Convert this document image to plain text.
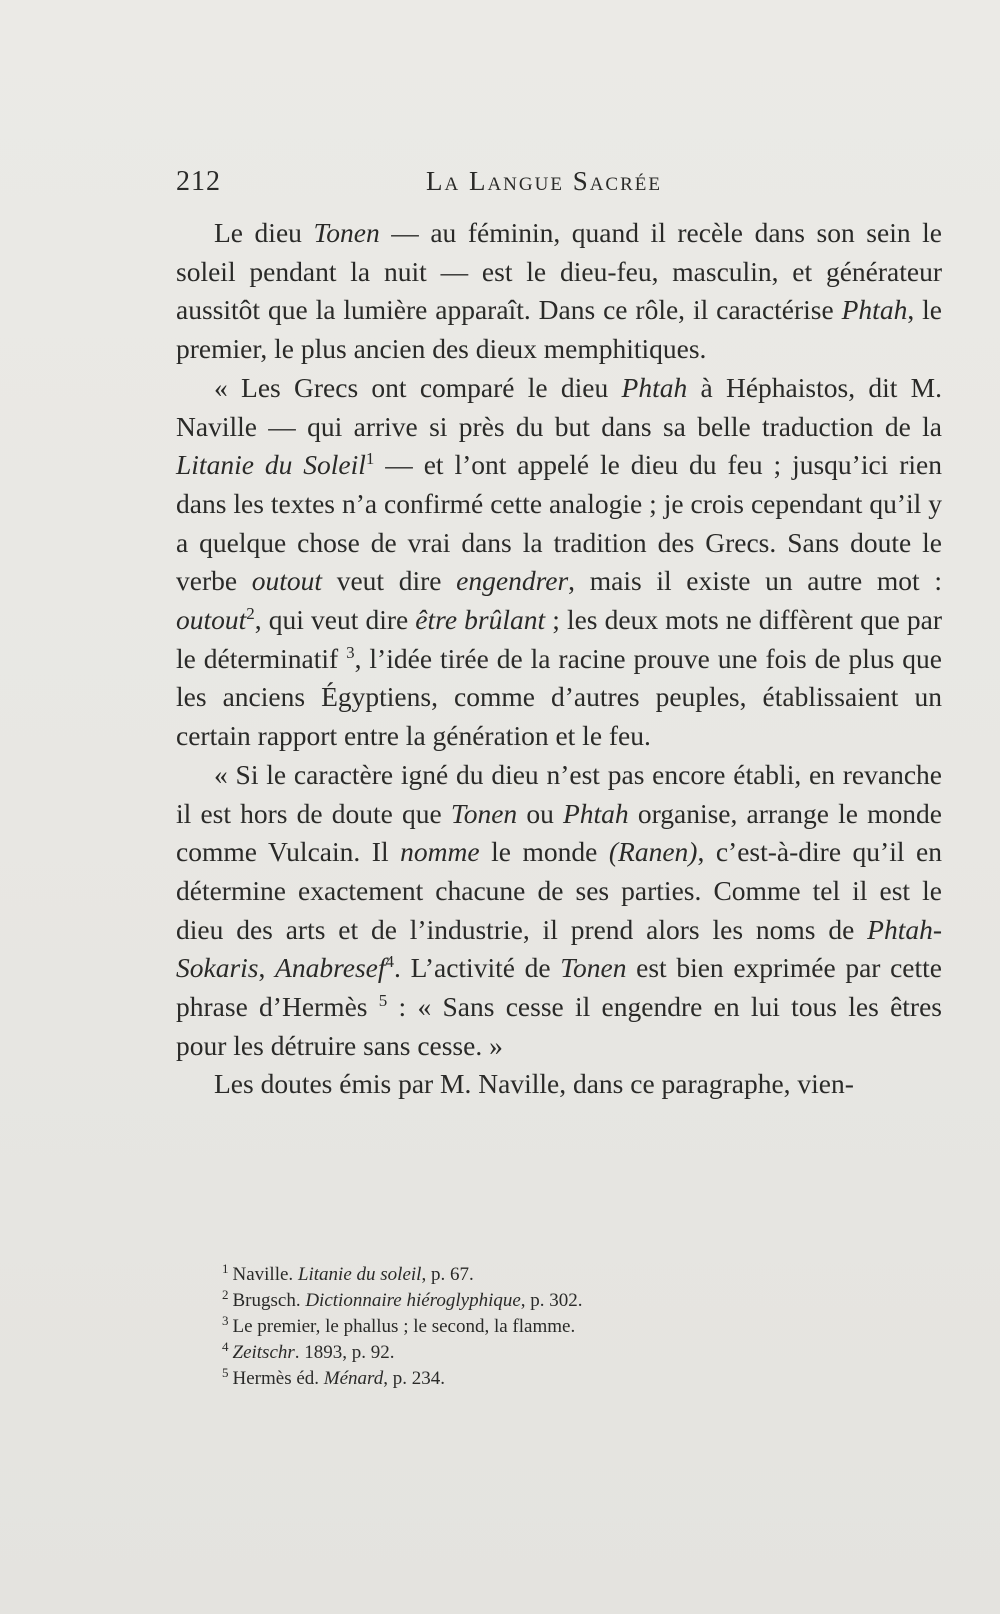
212	La Langue Sacrée

Le dieu Tonen — au féminin, quand il recèle dans son sein le soleil pendant la nuit — est le dieu-feu, masculin, et générateur aussitôt que la lumière apparaît. Dans ce rôle, il caractérise Phtah, le premier, le plus ancien des dieux memphitiques.

« Les Grecs ont comparé le dieu Phtah à Héphaistos, dit M. Naville — qui arrive si près du but dans sa belle traduction de la Litanie du Soleil$^1$ — et l’ont appelé le dieu du feu ; jusqu’ici rien dans les textes n’a confirmé cette analogie ; je crois cependant qu’il y a quelque chose de vrai dans la tradition des Grecs. Sans doute le verbe outout veut dire engendrer, mais il existe un autre mot : outout$^2$, qui veut dire être brûlant ; les deux mots ne diffèrent que par le déterminatif $^3$, l’idée tirée de la racine prouve une fois de plus que les anciens Égyptiens, comme d’autres peuples, établissaient un certain rapport entre la génération et le feu.

« Si le caractère igné du dieu n’est pas encore établi, en revanche il est hors de doute que Tonen ou Phtah organise, arrange le monde comme Vulcain. Il nomme le monde (Ranen), c’est-à-dire qu’il en détermine exactement chacune de ses parties. Comme tel il est le dieu des arts et de l’industrie, il prend alors les noms de Phtah-Sokaris, Anabresef$^4$. L’activité de Tonen est bien exprimée par cette phrase d’Hermès $^5$ : « Sans cesse il engendre en lui tous les êtres pour les détruire sans cesse. »

Les doutes émis par M. Naville, dans ce paragraphe, vien-

$^1$ Naville. Litanie du soleil, p. 67.
$^2$ Brugsch. Dictionnaire hiéroglyphique, p. 302.
$^3$ Le premier, le phallus ; le second, la flamme.
$^4$ Zeitschr. 1893, p. 92.
$^5$ Hermès éd. Ménard, p. 234.
